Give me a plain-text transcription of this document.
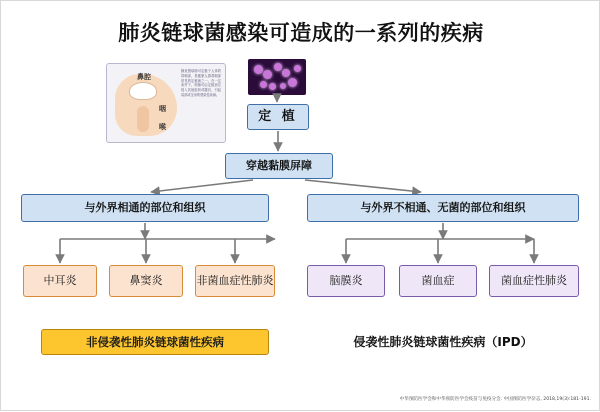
肺炎链球菌感染可造成的一系列的疾病
鼻腔
咽
喉
肺炎链球菌可定植于人体的鼻咽部，是健康人群鼻咽部常见的定植菌之一。在一定条件下，细菌可由定植部位侵入其他组织或器官，引起局部或全身的感染性疾病。
定 植
穿越黏膜屏障
与外界相通的部位和组织	与外界不相通、无菌的部位和组织
中耳炎	鼻窦炎	非菌血症性肺炎	脑膜炎	菌血症	菌血症性肺炎
非侵袭性肺炎链球菌性疾病	侵袭性肺炎链球菌性疾病（IPD）
中华预防医学会和中华预防医学会疫苗与免疫分会. 中国预防医学杂志, 2018,19(3):181-191.
